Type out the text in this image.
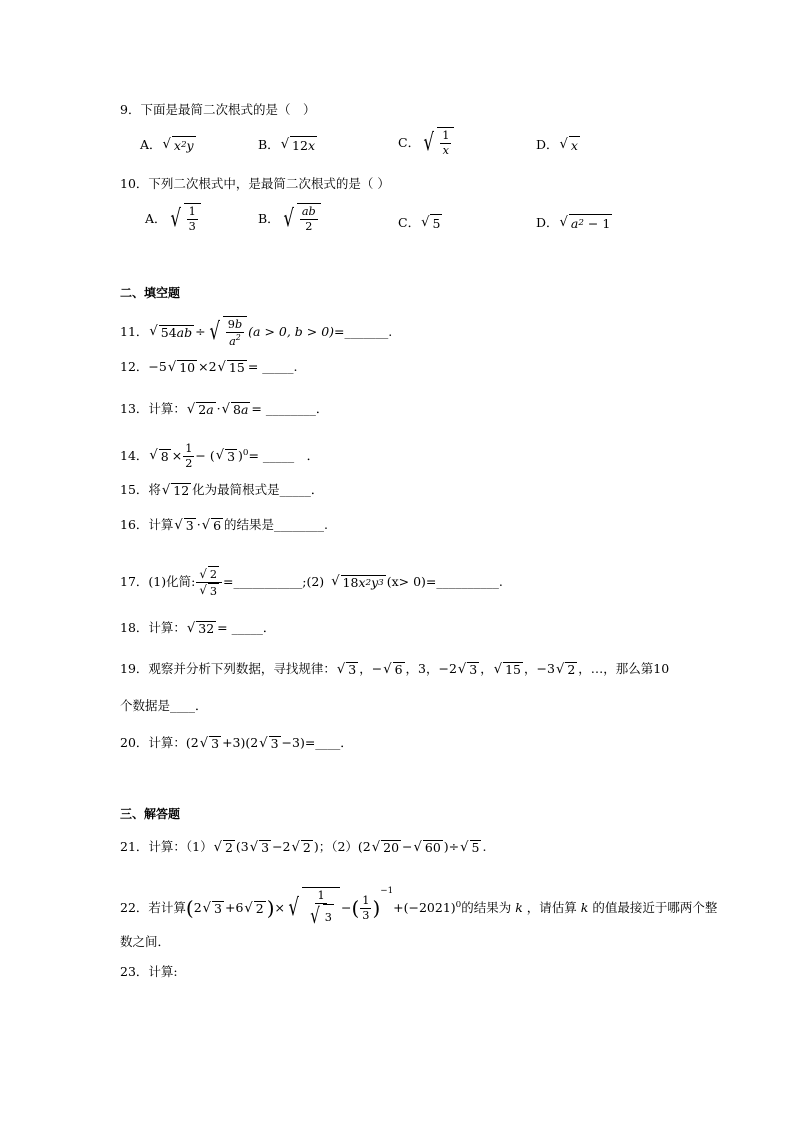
9．下面是最简二次根式的是（　）
A． √ x 2 y	B． √ 12 x	C． √ $\frac{1}{x}$	D． √ x
10．下列二次根式中，是最简二次根式的是（ ）
A． √ $\frac{1}{3}$	B． √ $\frac{ab}{2}$	C． √ 5	D． √ a 2 − 1
二、填空题
11． √ 54 ab ÷ √ $\frac{9b}{a^2} (a > 0$, b > 0) =_______.
12． −5 √ 10 ×2 √ 15 = _____.
13．计算： √ 2 a · √ 8 a = ________．
14． √ $8 \times \frac{1}{2}$ − ( √ 3 )$^0$ = _____　．
15．将 √ 12 化为最简根式是_____．
16．计算 √ 3 · √ 6 的结果是________.
17．(1)化简: $\frac{√ 2}{√ 3}$ =___________;(2) √ 18 x 2 y 3 (x> 0)=__________.
18．计算： √ 32 = _____．
19．观察并分析下列数据，寻找规律： √ 3 ，− √ 6 ，3，−2 √ 3 ， √ 15 ，−3 √ 2 ，…，那么第10
个数据是____．
20．计算： (2 √ 3 +3)(2 √ 3 −3) =____．
三、解答题
21．计算：（1） √ 2 (3 √ 3 −2 √ 2 ) ；（2） (2 √ 20 − √ 60 )÷ √ 5 .
22．若计算 ( 2 √ 3 +6 √ 2 ) × √ $\frac{1}{√ 3}$ − ( $\frac{1}{3}$ )
−1
$+(-2021)^0$ 的结果为 k ，请估算 k 的值最接近于哪两个整
数之间．
23．计算:
